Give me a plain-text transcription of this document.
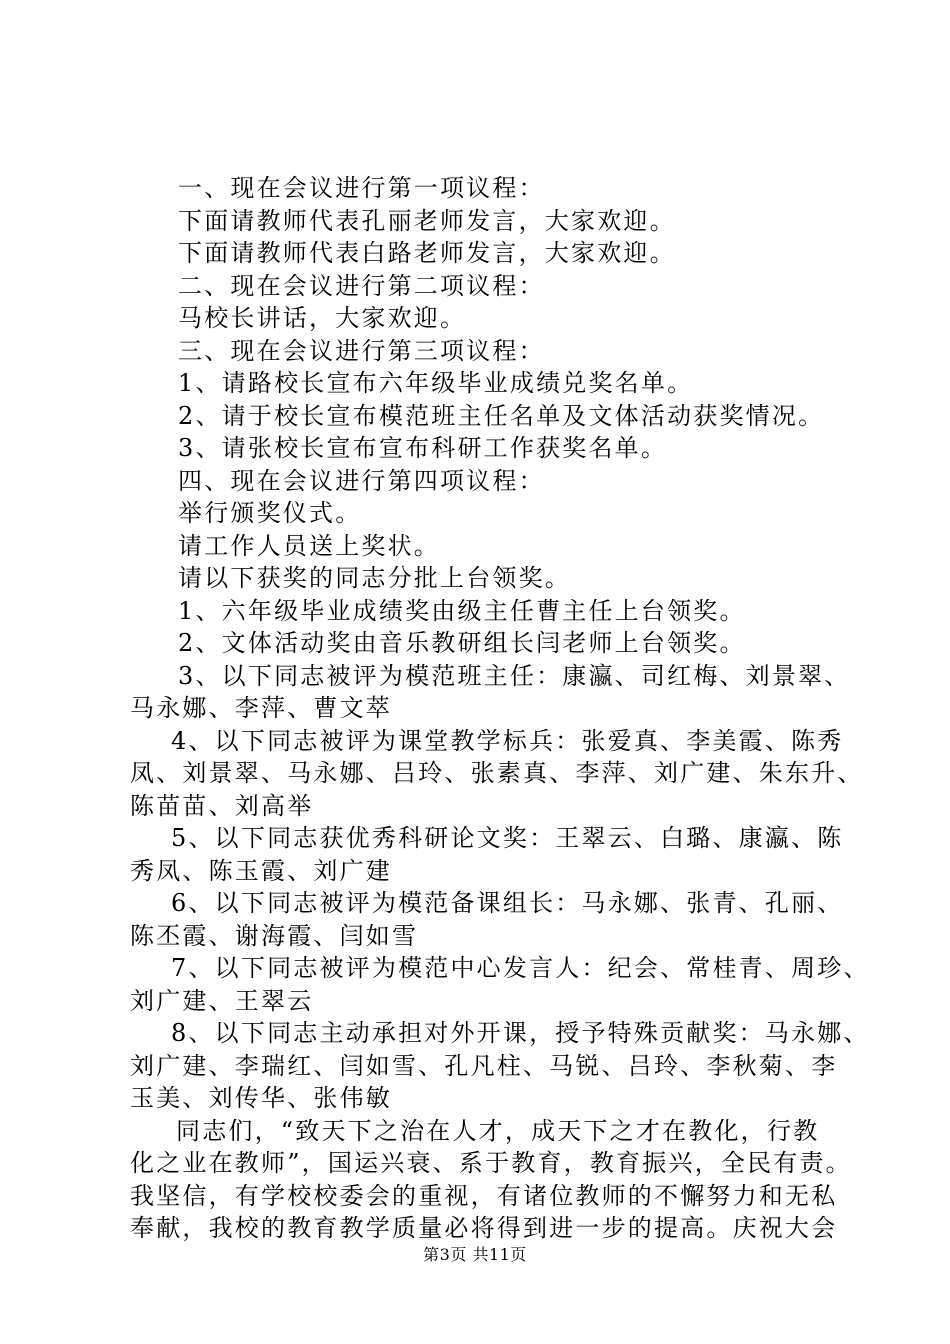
一、现在会议进行第一项议程：
下面请教师代表孔丽老师发言，大家欢迎。
下面请教师代表白路老师发言，大家欢迎。
二、现在会议进行第二项议程：
马校长讲话，大家欢迎。
三、现在会议进行第三项议程：
1、请路校长宣布六年级毕业成绩兑奖名单。
2、请于校长宣布模范班主任名单及文体活动获奖情况。
3、请张校长宣布宣布科研工作获奖名单。
四、现在会议进行第四项议程：
举行颁奖仪式。
请工作人员送上奖状。
请以下获奖的同志分批上台领奖。
1、六年级毕业成绩奖由级主任曹主任上台领奖。
2、文体活动奖由音乐教研组长闫老师上台领奖。
3、以下同志被评为模范班主任：康瀛、司红梅、刘景翠、
马永娜、李萍、曹文萃
4、以下同志被评为课堂教学标兵：张爱真、李美霞、陈秀
凤、刘景翠、马永娜、吕玲、张素真、李萍、刘广建、朱东升、
陈苗苗、刘高举
5、以下同志获优秀科研论文奖：王翠云、白璐、康瀛、陈
秀凤、陈玉霞、刘广建
6、以下同志被评为模范备课组长：马永娜、张青、孔丽、
陈丕霞、谢海霞、闫如雪
7、以下同志被评为模范中心发言人：纪会、常桂青、周珍、
刘广建、王翠云
8、以下同志主动承担对外开课，授予特殊贡献奖：马永娜、
刘广建、李瑞红、闫如雪、孔凡柱、马锐、吕玲、李秋菊、李
玉美、刘传华、张伟敏
同志们，“致天下之治在人才，成天下之才在教化，行教
化之业在教师”，国运兴衰、系于教育，教育振兴，全民有责。
我坚信，有学校校委会的重视，有诸位教师的不懈努力和无私
奉献，我校的教育教学质量必将得到进一步的提高。庆祝大会
第3页 共11页
